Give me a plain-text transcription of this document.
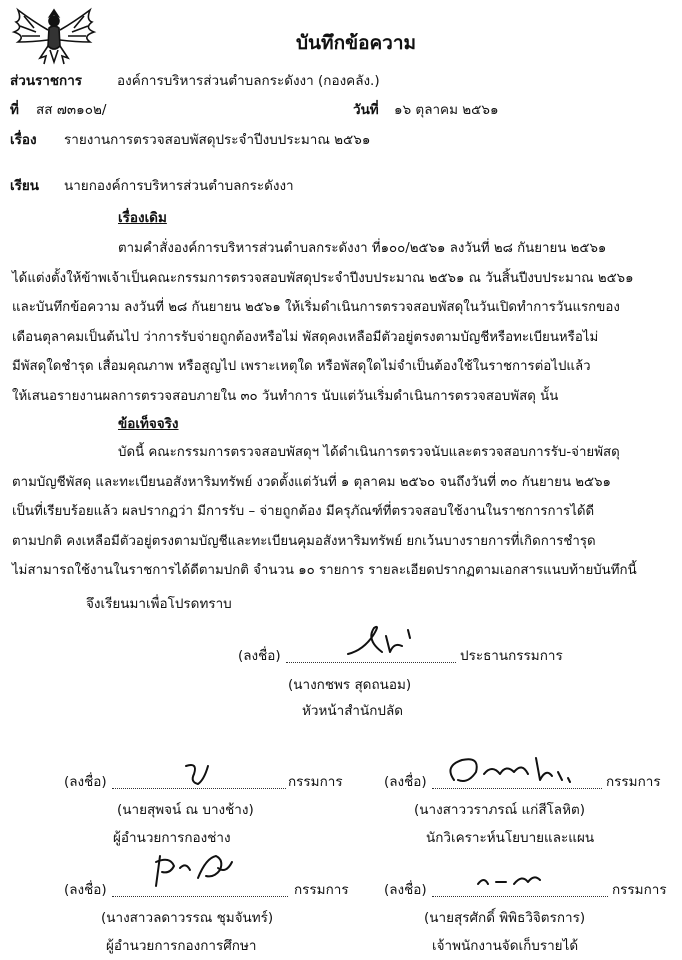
บันทึกข้อความ
ส่วนราชการ	องค์การบริหารส่วนตำบลกระดังงา (กองคลัง.)
ที่ สส ๗๓๑๐๒/	วันที่ ๑๖ ตุลาคม ๒๕๖๑
เรื่อง รายงานการตรวจสอบพัสดุประจำปีงบประมาณ ๒๕๖๑
เรียน นายกองค์การบริหารส่วนตำบลกระดังงา
เรื่องเดิม
ตามคำสั่งองค์การบริหารส่วนตำบลกระดังงา ที่๑๐๐/๒๕๖๑ ลงวันที่ ๒๘ กันยายน ๒๕๖๑
ได้แต่งตั้งให้ข้าพเจ้าเป็นคณะกรรมการตรวจสอบพัสดุประจำปีงบประมาณ ๒๕๖๑ ณ วันสิ้นปีงบประมาณ ๒๕๖๑
และบันทึกข้อความ ลงวันที่ ๒๘ กันยายน ๒๕๖๑ ให้เริ่มดำเนินการตรวจสอบพัสดุในวันเปิดทำการวันแรกของ
เดือนตุลาคมเป็นต้นไป ว่าการรับจ่ายถูกต้องหรือไม่ พัสดุคงเหลือมีตัวอยู่ตรงตามบัญชีหรือทะเบียนหรือไม่
มีพัสดุใดชำรุด เสื่อมคุณภาพ หรือสูญไป เพราะเหตุใด หรือพัสดุใดไม่จำเป็นต้องใช้ในราชการต่อไปแล้ว
ให้เสนอรายงานผลการตรวจสอบภายใน ๓๐ วันทำการ นับแต่วันเริ่มดำเนินการตรวจสอบพัสดุ นั้น
ข้อเท็จจริง
บัดนี้ คณะกรรมการตรวจสอบพัสดุฯ ได้ดำเนินการตรวจนับและตรวจสอบการรับ-จ่ายพัสดุ
ตามบัญชีพัสดุ และทะเบียนอสังหาริมทรัพย์ งวดตั้งแต่วันที่ ๑ ตุลาคม ๒๕๖๐ จนถึงวันที่ ๓๐ กันยายน ๒๕๖๑
เป็นที่เรียบร้อยแล้ว ผลปรากฏว่า มีการรับ – จ่ายถูกต้อง มีครุภัณฑ์ที่ตรวจสอบใช้งานในราชการการได้ดี
ตามปกติ คงเหลือมีตัวอยู่ตรงตามบัญชีและทะเบียนคุมอสังหาริมทรัพย์ ยกเว้นบางรายการที่เกิดการชำรุด
ไม่สามารถใช้งานในราชการได้ดีตามปกติ จำนวน ๑๐ รายการ รายละเอียดปรากฏตามเอกสารแนบท้ายบันทึกนี้
จึงเรียนมาเพื่อโปรดทราบ
(ลงชื่อ)	ประธานกรรมการ
(นางกชพร สุดถนอม)
หัวหน้าสำนักปลัด
(ลงชื่อ)	กรรมการ
(นายสุพจน์ ณ บางช้าง)
ผู้อำนวยการกองช่าง
(ลงชื่อ)	กรรมการ
(นางสาววราภรณ์ แก่สีโลหิต)
นักวิเคราะห์นโยบายและแผน
(ลงชื่อ)	กรรมการ
(นางสาวลดาวรรณ ชุมจันทร์)
ผู้อำนวยการกองการศึกษา
(ลงชื่อ)	กรรมการ
(นายสุรศักดิ์ พิพิธวิจิตรการ)
เจ้าพนักงานจัดเก็บรายได้
